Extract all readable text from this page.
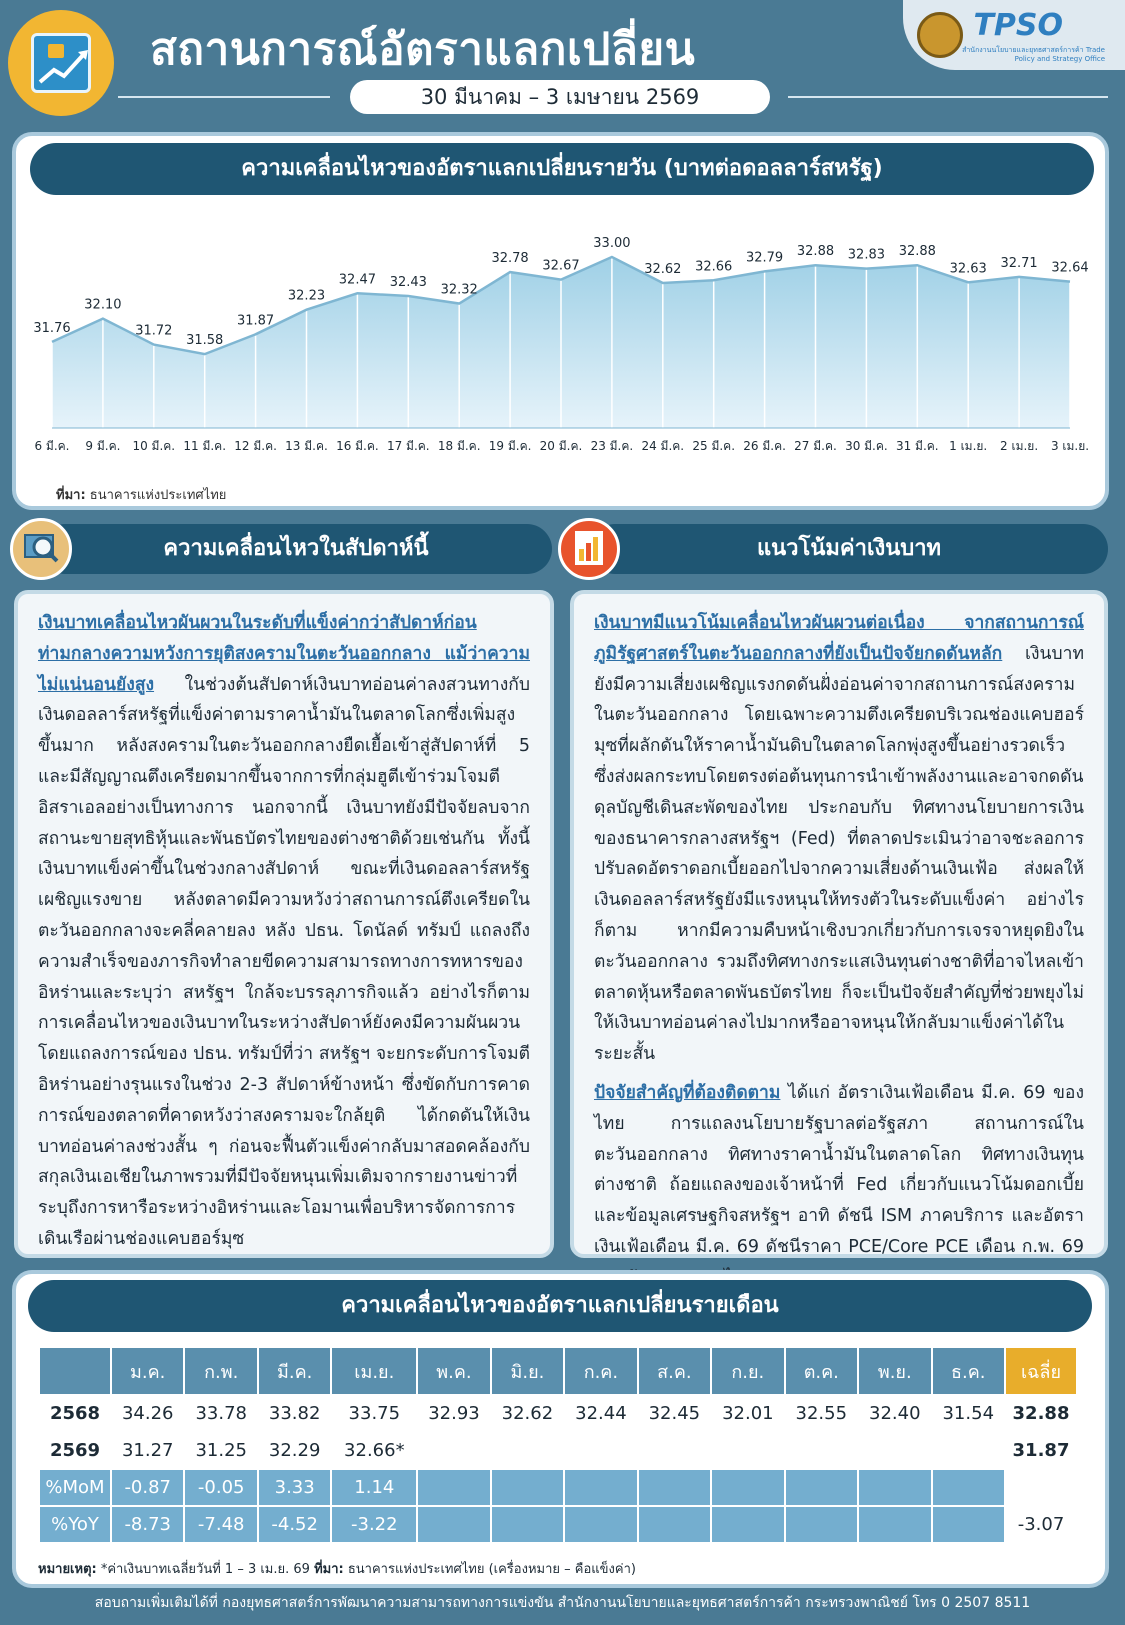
สถานการณ์อัตราแลกเปลี่ยน
30 มีนาคม – 3 เมษายน 2569
TPSO
สำนักงานนโยบายและยุทธศาสตร์การค้า Trade Policy and Strategy Office
ความเคลื่อนไหวของอัตราแลกเปลี่ยนรายวัน (บาทต่อดอลลาร์สหรัฐ)
31.76
32.10
31.72
31.58
31.87
32.23
32.47 32.43
32.32
32.78
32.67
33.00
32.62 32.66
32.79 32.88 32.83 32.88
32.63 32.71 32.64
6 มี.ค. 9 มี.ค. 10 มี.ค. 11 มี.ค. 12 มี.ค. 13 มี.ค. 16 มี.ค. 17 มี.ค. 18 มี.ค. 19 มี.ค. 20 มี.ค. 23 มี.ค. 24 มี.ค. 25 มี.ค. 26 มี.ค. 27 มี.ค. 30 มี.ค. 31 มี.ค. 1 เม.ย. 2 เม.ย. 3 เม.ย.
ที่มา: ธนาคารแห่งประเทศไทย
ความเคลื่อนไหวในสัปดาห์นี้	แนวโน้มค่าเงินบาท
เงินบาทเคลื่อนไหวผันผวนในระดับที่แข็งค่ากว่าสัปดาห์ก่อน ท่ามกลางความหวังการยุติสงครามในตะวันออกกลาง แม้ว่าความไม่แน่นอนยังสูง ในช่วงต้นสัปดาห์เงินบาทอ่อนค่าลงสวนทางกับเงินดอลลาร์สหรัฐที่แข็งค่าตามราคาน้ำมันในตลาดโลกซึ่งเพิ่มสูงขึ้นมาก หลังสงครามในตะวันออกกลางยืดเยื้อเข้าสู่สัปดาห์ที่ 5 และมีสัญญาณตึงเครียดมากขึ้นจากการที่กลุ่มฮูตีเข้าร่วมโจมตีอิสราเอลอย่างเป็นทางการ นอกจากนี้ เงินบาทยังมีปัจจัยลบจากสถานะขายสุทธิหุ้นและพันธบัตรไทยของต่างชาติด้วยเช่นกัน ทั้งนี้ เงินบาทแข็งค่าขึ้นในช่วงกลางสัปดาห์ ขณะที่เงินดอลลาร์สหรัฐเผชิญแรงขาย หลังตลาดมีความหวังว่าสถานการณ์ตึงเครียดในตะวันออกกลางจะคลี่คลายลง หลัง ปธน. โดนัลด์ ทรัมป์ แถลงถึงความสำเร็จของภารกิจทำลายขีดความสามารถทางการทหารของอิหร่านและระบุว่า สหรัฐฯ ใกล้จะบรรลุภารกิจแล้ว อย่างไรก็ตาม การเคลื่อนไหวของเงินบาทในระหว่างสัปดาห์ยังคงมีความผันผวน โดยแถลงการณ์ของ ปธน. ทรัมป์ที่ว่า สหรัฐฯ จะยกระดับการโจมตีอิหร่านอย่างรุนแรงในช่วง 2-3 สัปดาห์ข้างหน้า ซึ่งขัดกับการคาดการณ์ของตลาดที่คาดหวังว่าสงครามจะใกล้ยุติ ได้กดดันให้เงินบาทอ่อนค่าลงช่วงสั้น ๆ ก่อนจะฟื้นตัวแข็งค่ากลับมาสอดคล้องกับสกุลเงินเอเชียในภาพรวมที่มีปัจจัยหนุนเพิ่มเติมจากรายงานข่าวที่ระบุถึงการหารือระหว่างอิหร่านและโอมานเพื่อบริหารจัดการการเดินเรือผ่านช่องแคบฮอร์มุซ
เงินบาทมีแนวโน้มเคลื่อนไหวผันผวนต่อเนื่อง จากสถานการณ์ภูมิรัฐศาสตร์ในตะวันออกกลางที่ยังเป็นปัจจัยกดดันหลัก เงินบาทยังมีความเสี่ยงเผชิญแรงกดดันฝั่งอ่อนค่าจากสถานการณ์สงครามในตะวันออกกลาง โดยเฉพาะความตึงเครียดบริเวณช่องแคบฮอร์มุซที่ผลักดันให้ราคาน้ำมันดิบในตลาดโลกพุ่งสูงขึ้นอย่างรวดเร็ว ซึ่งส่งผลกระทบโดยตรงต่อต้นทุนการนำเข้าพลังงานและอาจกดดันดุลบัญชีเดินสะพัดของไทย ประกอบกับ ทิศทางนโยบายการเงินของธนาคารกลางสหรัฐฯ (Fed) ที่ตลาดประเมินว่าอาจชะลอการปรับลดอัตราดอกเบี้ยออกไปจากความเสี่ยงด้านเงินเฟ้อ ส่งผลให้เงินดอลลาร์สหรัฐยังมีแรงหนุนให้ทรงตัวในระดับแข็งค่า อย่างไรก็ตาม หากมีความคืบหน้าเชิงบวกเกี่ยวกับการเจรจาหยุดยิงในตะวันออกกลาง รวมถึงทิศทางกระแสเงินทุนต่างชาติที่อาจไหลเข้าตลาดหุ้นหรือตลาดพันธบัตรไทย ก็จะเป็นปัจจัยสำคัญที่ช่วยพยุงไม่ให้เงินบาทอ่อนค่าลงไปมากหรืออาจหนุนให้กลับมาแข็งค่าได้ในระยะสั้น
ปัจจัยสำคัญที่ต้องติดตาม ได้แก่ อัตราเงินเฟ้อเดือน มี.ค. 69 ของไทย การแถลงนโยบายรัฐบาลต่อรัฐสภา สถานการณ์ในตะวันออกกลาง ทิศทางราคาน้ำมันในตลาดโลก ทิศทางเงินทุนต่างชาติ ถ้อยแถลงของเจ้าหน้าที่ Fed เกี่ยวกับแนวโน้มดอกเบี้ย และข้อมูลเศรษฐกิจสหรัฐฯ อาทิ ดัชนี ISM ภาคบริการ และอัตราเงินเฟ้อเดือน มี.ค. 69 ดัชนีราคา PCE/Core PCE เดือน ก.พ. 69
ความเคลื่อนไหวของอัตราแลกเปลี่ยนรายเดือน
	ม.ค.	ก.พ.	มี.ค.	เม.ย.	พ.ค.	มิ.ย.	ก.ค.	ส.ค.	ก.ย.	ต.ค.	พ.ย.	ธ.ค.	เฉลี่ย
2568	34.26	33.78	33.82	33.75	32.93	32.62	32.44	32.45	32.01	32.55	32.40	31.54	32.88
2569	31.27	31.25	32.29	32.66*									31.87
%MoM	-0.87	-0.05	3.33	1.14									
%YoY	-8.73	-7.48	-4.52	-3.22									-3.07
หมายเหตุ: *ค่าเงินบาทเฉลี่ยวันที่ 1 – 3 เม.ย. 69 ที่มา: ธนาคารแห่งประเทศไทย (เครื่องหมาย – คือแข็งค่า)
สอบถามเพิ่มเติมได้ที่ กองยุทธศาสตร์การพัฒนาความสามารถทางการแข่งขัน สำนักงานนโยบายและยุทธศาสตร์การค้า กระทรวงพาณิชย์ โทร 0 2507 8511
